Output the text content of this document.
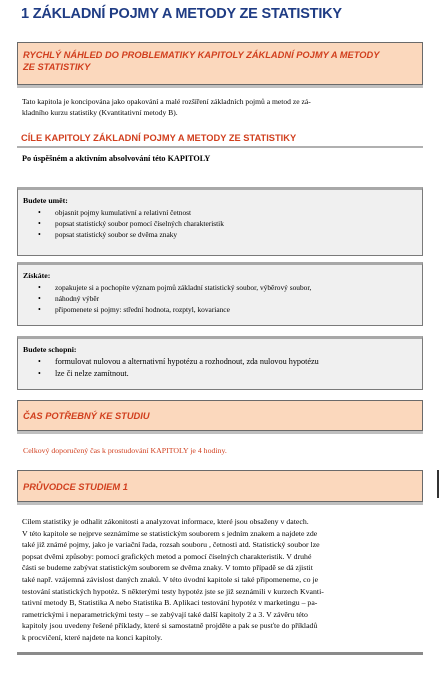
1 ZÁKLADNÍ POJMY A METODY ZE STATISTIKY
RYCHLÝ NÁHLED DO PROBLEMATIKY KAPITOLY ZÁKLADNÍ POJMY A METODY
ZE STATISTIKY
Tato kapitola je koncipována jako opakování a malé rozšíření základních pojmů a metod ze zá-
kladního kurzu statistiky (Kvantitativní metody B).
CÍLE KAPITOLY ZÁKLADNÍ POJMY A METODY ZE STATISTIKY
Po úspěšném a aktivním absolvování této KAPITOLY
Budete umět:
• objasnit pojmy kumulativní a relativní četnost
• popsat statistický soubor pomocí číselných charakteristik
• popsat statistický soubor se dvěma znaky
Získáte:
• zopakujete si a pochopíte význam pojmů základní statistický soubor, výběrový soubor,
• náhodný výběr
• připomenete si pojmy: střední hodnota, rozptyl, kovariance
Budete schopni:
• formulovat nulovou a alternativní hypotézu a rozhodnout, zda nulovou hypotézu
• lze či nelze zamítnout.
ČAS POTŘEBNÝ KE STUDIU
Celkový doporučený čas k prostudování KAPITOLY je 4 hodiny.
PRŮVODCE STUDIEM 1
Cílem statistiky je odhalit zákonitosti a analyzovat informace, které jsou obsaženy v datech.
V této kapitole se nejprve seznámíme se statistickým souborem s jedním znakem a najdete zde
také již známé pojmy, jako je variační řada, rozsah souboru , četnosti atd. Statistický soubor lze
popsat dvěmi způsoby: pomocí grafických metod a pomocí číselných charakteristik. V druhé
části se budeme zabývat statistickým souborem se dvěma znaky. V tomto případě se dá zjistit
také např. vzájemná závislost daných znaků. V této úvodní kapitole si také připomeneme, co je
testování statistických hypotéz. S některými testy hypotéz jste se již seznámili v kurzech Kvanti-
tativní metody B, Statistika A nebo Statistika B. Aplikaci testování hypotéz v marketingu – pa-
rametrickými i neparametrickými testy – se zabývají také další kapitoly 2 a 3. V závěru této
kapitoly jsou uvedeny řešené příklady, které si samostatně projděte a pak se pusťte do příkladů
k procvičení, které najdete na konci kapitoly.
